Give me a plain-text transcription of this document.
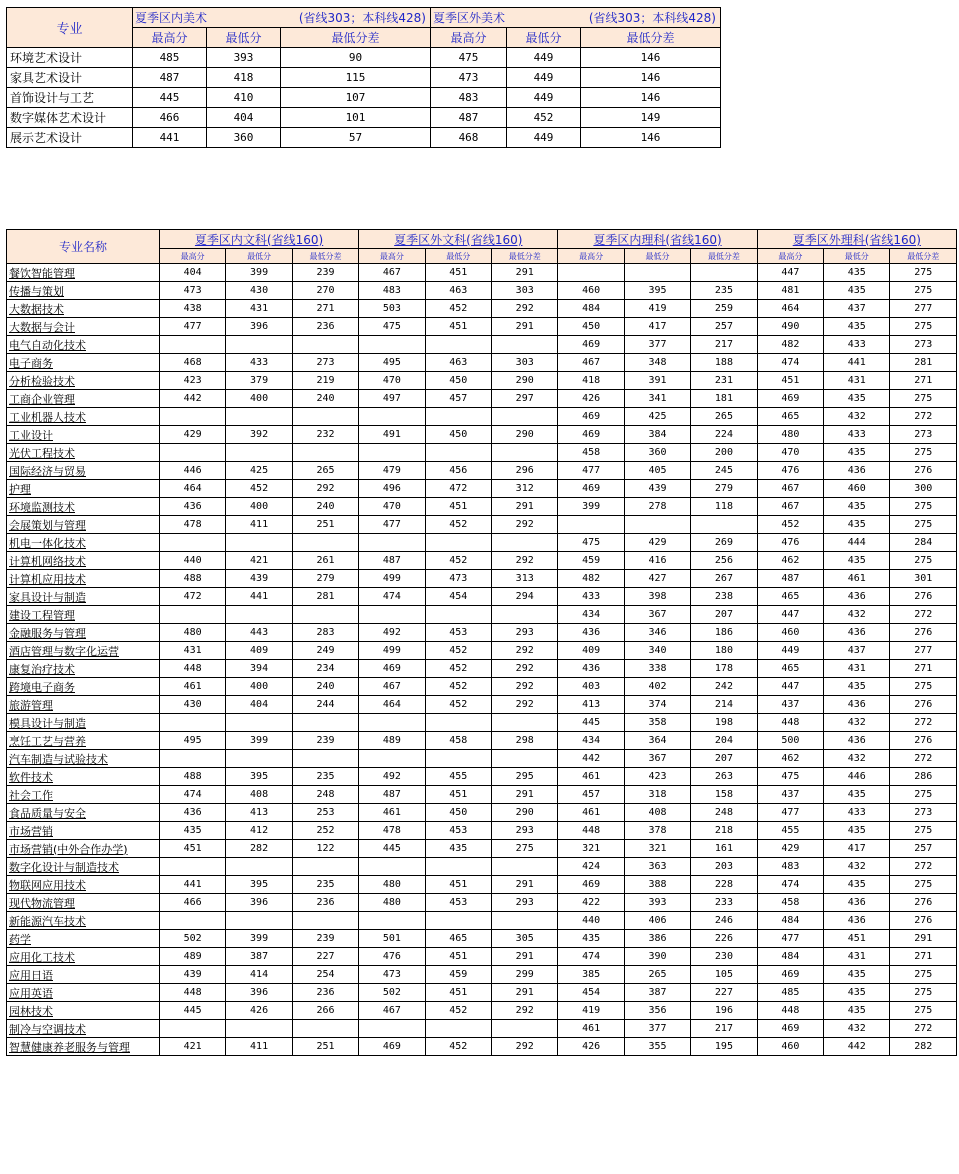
专业	夏季区内美术 (省线303；本科线428)			夏季区外美术 (省线303；本科线428)		

	最高分	最低分	最低分差	最高分	最低分	最低分差
环境艺术设计	485	393	90	475	449	146
家具艺术设计	487	418	115	473	449	146
首饰设计与工艺	445	410	107	483	449	146
数字媒体艺术设计	466	404	101	487	452	149
展示艺术设计	441	360	57	468	449	146
专业名称	夏季区内文科(省线160)			夏季区外文科(省线160)			夏季区内理科(省线160)			夏季区外理科(省线160)		
	最高分	最低分	最低分差	最高分	最低分	最低分差	最高分	最低分	最低分差	最高分	最低分	最低分差
餐饮智能管理	404	399	239	467	451	291				447	435	275
传播与策划	473	430	270	483	463	303	460	395	235	481	435	275
大数据技术	438	431	271	503	452	292	484	419	259	464	437	277
大数据与会计	477	396	236	475	451	291	450	417	257	490	435	275
电气自动化技术							469	377	217	482	433	273
电子商务	468	433	273	495	463	303	467	348	188	474	441	281
分析检验技术	423	379	219	470	450	290	418	391	231	451	431	271
工商企业管理	442	400	240	497	457	297	426	341	181	469	435	275
工业机器人技术							469	425	265	465	432	272
工业设计	429	392	232	491	450	290	469	384	224	480	433	273
光伏工程技术							458	360	200	470	435	275
国际经济与贸易	446	425	265	479	456	296	477	405	245	476	436	276
护理	464	452	292	496	472	312	469	439	279	467	460	300
环境监测技术	436	400	240	470	451	291	399	278	118	467	435	275
会展策划与管理	478	411	251	477	452	292				452	435	275
机电一体化技术							475	429	269	476	444	284
计算机网络技术	440	421	261	487	452	292	459	416	256	462	435	275
计算机应用技术	488	439	279	499	473	313	482	427	267	487	461	301
家具设计与制造	472	441	281	474	454	294	433	398	238	465	436	276
建设工程管理							434	367	207	447	432	272
金融服务与管理	480	443	283	492	453	293	436	346	186	460	436	276
酒店管理与数字化运营	431	409	249	499	452	292	409	340	180	449	437	277
康复治疗技术	448	394	234	469	452	292	436	338	178	465	431	271
跨境电子商务	461	400	240	467	452	292	403	402	242	447	435	275
旅游管理	430	404	244	464	452	292	413	374	214	437	436	276
模具设计与制造							445	358	198	448	432	272
烹饪工艺与营养	495	399	239	489	458	298	434	364	204	500	436	276
汽车制造与试验技术							442	367	207	462	432	272
软件技术	488	395	235	492	455	295	461	423	263	475	446	286
社会工作	474	408	248	487	451	291	457	318	158	437	435	275
食品质量与安全	436	413	253	461	450	290	461	408	248	477	433	273
市场营销	435	412	252	478	453	293	448	378	218	455	435	275
市场营销(中外合作办学)	451	282	122	445	435	275	321	321	161	429	417	257
数字化设计与制造技术							424	363	203	483	432	272
物联网应用技术	441	395	235	480	451	291	469	388	228	474	435	275
现代物流管理	466	396	236	480	453	293	422	393	233	458	436	276
新能源汽车技术							440	406	246	484	436	276
药学	502	399	239	501	465	305	435	386	226	477	451	291
应用化工技术	489	387	227	476	451	291	474	390	230	484	431	271
应用日语	439	414	254	473	459	299	385	265	105	469	435	275
应用英语	448	396	236	502	451	291	454	387	227	485	435	275
园林技术	445	426	266	467	452	292	419	356	196	448	435	275
制冷与空调技术							461	377	217	469	432	272
智慧健康养老服务与管理	421	411	251	469	452	292	426	355	195	460	442	282
